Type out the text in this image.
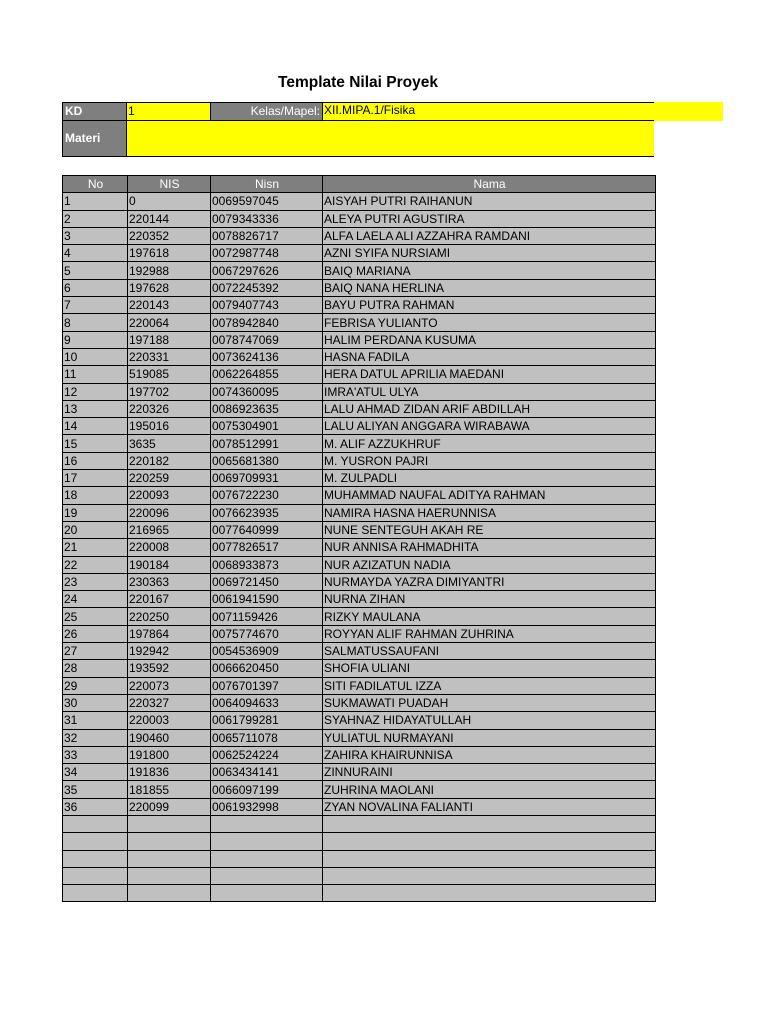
Template Nilai Proyek
KD	1	Kelas/Mapel: XII.MIPA.1/Fisika
Materi
No	NIS	Nisn	Nama
1	0	0069597045	AISYAH PUTRI RAIHANUN
2	220144	0079343336	ALEYA PUTRI AGUSTIRA
3	220352	0078826717	ALFA LAELA ALI AZZAHRA RAMDANI
4	197618	0072987748	AZNI SYIFA NURSIAMI
5	192988	0067297626	BAIQ MARIANA
6	197628	0072245392	BAIQ NANA HERLINA
7	220143	0079407743	BAYU PUTRA RAHMAN
8	220064	0078942840	FEBRISA YULIANTO
9	197188	0078747069	HALIM PERDANA KUSUMA
10	220331	0073624136	HASNA FADILA
11	519085	0062264855	HERA DATUL APRILIA MAEDANI
12	197702	0074360095	IMRA'ATUL ULYA
13	220326	0086923635	LALU AHMAD ZIDAN ARIF ABDILLAH
14	195016	0075304901	LALU ALIYAN ANGGARA WIRABAWA
15	3635	0078512991	M. ALIF AZZUKHRUF
16	220182	0065681380	M. YUSRON PAJRI
17	220259	0069709931	M. ZULPADLI
18	220093	0076722230	MUHAMMAD NAUFAL ADITYA RAHMAN
19	220096	0076623935	NAMIRA HASNA HAERUNNISA
20	216965	0077640999	NUNE SENTEGUH AKAH RE
21	220008	0077826517	NUR ANNISA RAHMADHITA
22	190184	0068933873	NUR AZIZATUN NADIA
23	230363	0069721450	NURMAYDA YAZRA DIMIYANTRI
24	220167	0061941590	NURNA ZIHAN
25	220250	0071159426	RIZKY MAULANA
26	197864	0075774670	ROYYAN ALIF RAHMAN ZUHRINA
27	192942	0054536909	SALMATUSSAUFANI
28	193592	0066620450	SHOFIA ULIANI
29	220073	0076701397	SITI FADILATUL IZZA
30	220327	0064094633	SUKMAWATI PUADAH
31	220003	0061799281	SYAHNAZ HIDAYATULLAH
32	190460	0065711078	YULIATUL NURMAYANI
33	191800	0062524224	ZAHIRA KHAIRUNNISA
34	191836	0063434141	ZINNURAINI
35	181855	0066097199	ZUHRINA MAOLANI
36	220099	0061932998	ZYAN NOVALINA FALIANTI
